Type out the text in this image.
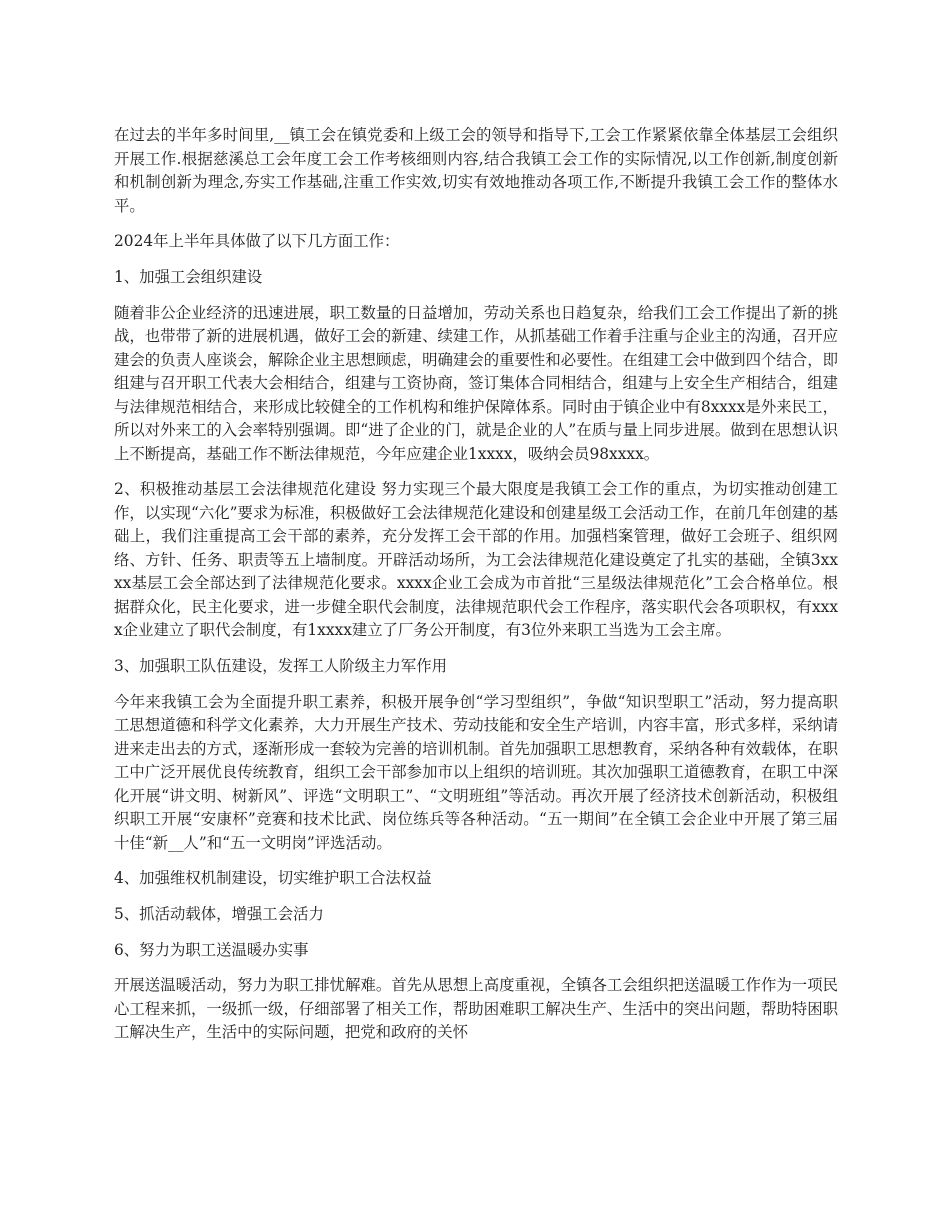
在过去的半年多时间里,__镇工会在镇党委和上级工会的领导和指导下,工会工作紧紧依靠全体基层工会组织开展工作.根据慈溪总工会年度工会工作考核细则内容,结合我镇工会工作的实际情况,以工作创新,制度创新和机制创新为理念,夯实工作基础,注重工作实效,切实有效地推动各项工作,不断提升我镇工会工作的整体水平。

2024年上半年具体做了以下几方面工作：

1、加强工会组织建设

随着非公企业经济的迅速进展，职工数量的日益增加，劳动关系也日趋复杂，给我们工会工作提出了新的挑战，也带带了新的进展机遇，做好工会的新建、续建工作，从抓基础工作着手注重与企业主的沟通，召开应建会的负责人座谈会，解除企业主思想顾虑，明确建会的重要性和必要性。在组建工会中做到四个结合，即组建与召开职工代表大会相结合，组建与工资协商，签订集体合同相结合，组建与上安全生产相结合，组建与法律规范相结合，来形成比较健全的工作机构和维护保障体系。同时由于镇企业中有8xxxx是外来民工，所以对外来工的入会率特别强调。即“进了企业的门，就是企业的人”在质与量上同步进展。做到在思想认识上不断提高，基础工作不断法律规范，今年应建企业1xxxx，吸纳会员98xxxx。

2、积极推动基层工会法律规范化建设 努力实现三个最大限度是我镇工会工作的重点，为切实推动创建工作，以实现“六化”要求为标准，积极做好工会法律规范化建设和创建星级工会活动工作，在前几年创建的基础上，我们注重提高工会干部的素养，充分发挥工会干部的作用。加强档案管理，做好工会班子、组织网络、方针、任务、职责等五上墙制度。开辟活动场所，为工会法律规范化建设奠定了扎实的基础，全镇3xxxx基层工会全部达到了法律规范化要求。xxxx企业工会成为市首批“三星级法律规范化”工会合格单位。根据群众化，民主化要求，进一步健全职代会制度，法律规范职代会工作程序，落实职代会各项职权，有xxxx企业建立了职代会制度，有1xxxx建立了厂务公开制度，有3位外来职工当选为工会主席。

3、加强职工队伍建设，发挥工人阶级主力军作用

今年来我镇工会为全面提升职工素养，积极开展争创“学习型组织”，争做“知识型职工”活动，努力提高职工思想道德和科学文化素养，大力开展生产技术、劳动技能和安全生产培训，内容丰富，形式多样，采纳请进来走出去的方式，逐渐形成一套较为完善的培训机制。首先加强职工思想教育，采纳各种有效载体，在职工中广泛开展优良传统教育，组织工会干部参加市以上组织的培训班。其次加强职工道德教育，在职工中深化开展“讲文明、树新风”、评选“文明职工”、“文明班组”等活动。再次开展了经济技术创新活动，积极组织职工开展“安康杯”竞赛和技术比武、岗位练兵等各种活动。“五一期间”在全镇工会企业中开展了第三届十佳“新__人”和“五一文明岗”评选活动。

4、加强维权机制建设，切实维护职工合法权益

5、抓活动载体，增强工会活力

6、努力为职工送温暖办实事

开展送温暖活动，努力为职工排忧解难。首先从思想上高度重视，全镇各工会组织把送温暖工作作为一项民心工程来抓，一级抓一级，仔细部署了相关工作，帮助困难职工解决生产、生活中的突出问题，帮助特困职工解决生产，生活中的实际问题，把党和政府的关怀
